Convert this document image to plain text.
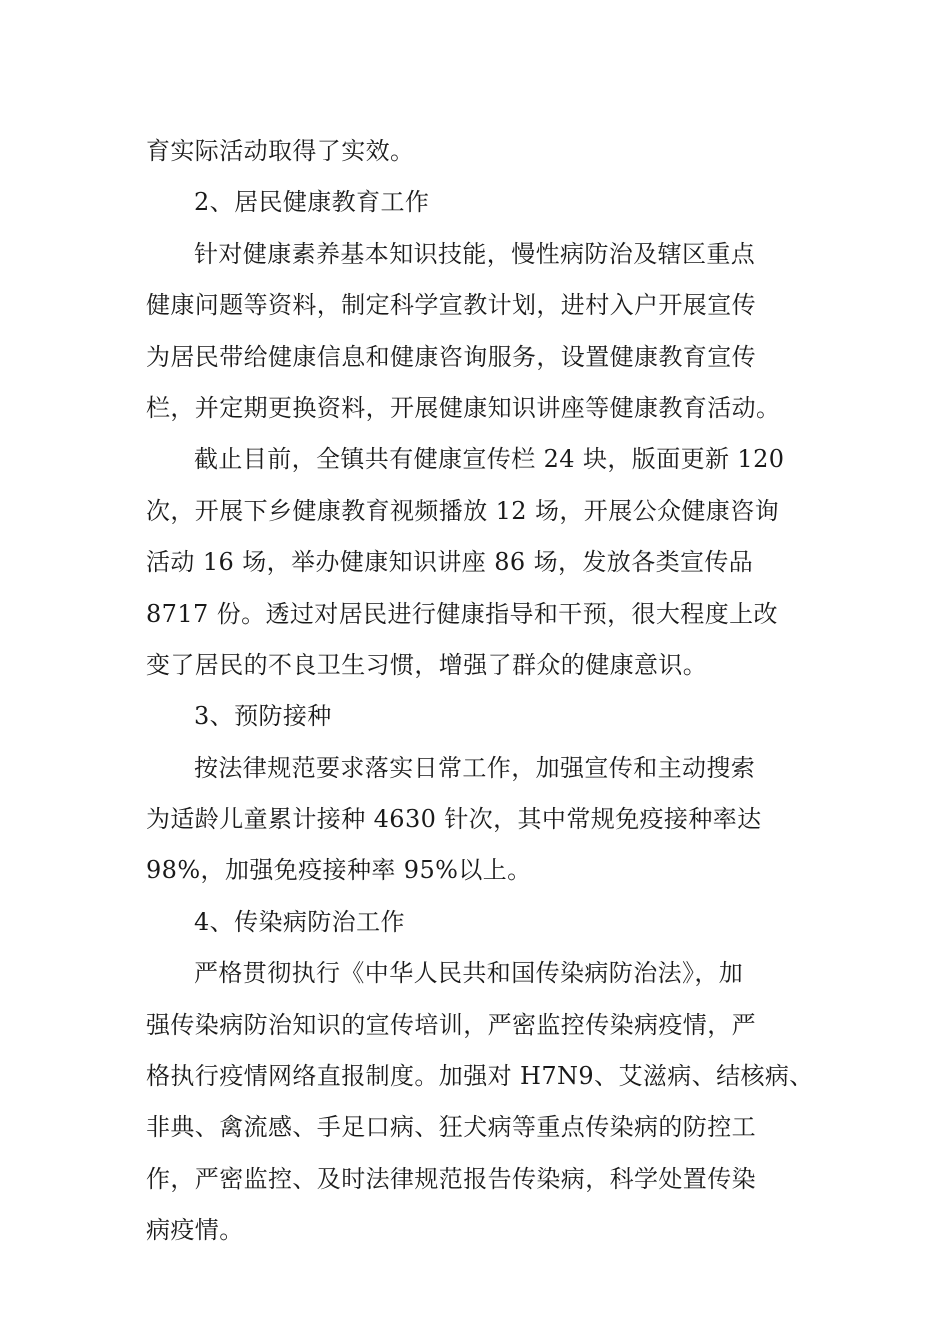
育实际活动取得了实效。
2、居民健康教育工作
针对健康素养基本知识技能，慢性病防治及辖区重点
健康问题等资料，制定科学宣教计划，进村入户开展宣传
为居民带给健康信息和健康咨询服务，设置健康教育宣传
栏，并定期更换资料，开展健康知识讲座等健康教育活动。
截止目前，全镇共有健康宣传栏 24 块，版面更新 120
次，开展下乡健康教育视频播放 12 场，开展公众健康咨询
活动 16 场，举办健康知识讲座 86 场，发放各类宣传品
8717 份。透过对居民进行健康指导和干预，很大程度上改
变了居民的不良卫生习惯，增强了群众的健康意识。
3、预防接种
按法律规范要求落实日常工作，加强宣传和主动搜索
为适龄儿童累计接种 4630 针次，其中常规免疫接种率达
98%，加强免疫接种率 95%以上。
4、传染病防治工作
严格贯彻执行《中华人民共和国传染病防治法》，加
强传染病防治知识的宣传培训，严密监控传染病疫情，严
格执行疫情网络直报制度。加强对 H7N9、艾滋病、结核病、
非典、禽流感、手足口病、狂犬病等重点传染病的防控工
作，严密监控、及时法律规范报告传染病，科学处置传染
病疫情。
